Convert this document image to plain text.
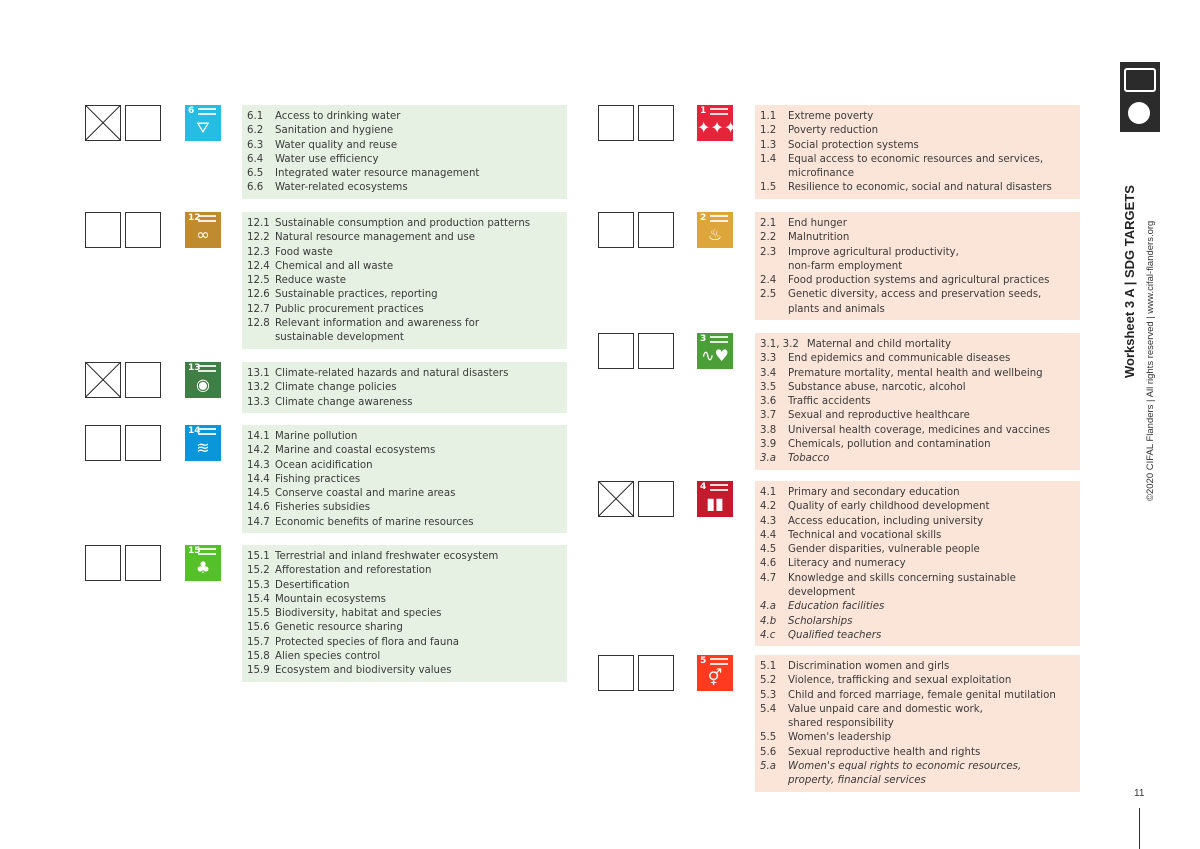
6
⛛
6.1	Access to drinking water
6.2	Sanitation and hygiene
6.3	Water quality and reuse
6.4	Water use efficiency
6.5	Integrated water resource management
6.6	Water-related ecosystems
12
∞
12.1 Sustainable consumption and production patterns
12.2 Natural resource management and use
12.3 Food waste
12.4 Chemical and all waste
12.5 Reduce waste
12.6 Sustainable practices, reporting
12.7 Public procurement practices
12.8 Relevant information and awareness for
sustainable development
13
◉
13.1 Climate-related hazards and natural disasters
13.2 Climate change policies
13.3 Climate change awareness
14
≋
14.1 Marine pollution
14.2 Marine and coastal ecosystems
14.3 Ocean acidification
14.4 Fishing practices
14.5 Conserve coastal and marine areas
14.6 Fisheries subsidies
14.7 Economic benefits of marine resources
15
♣
15.1 Terrestrial and inland freshwater ecosystem
15.2 Afforestation and reforestation
15.3 Desertification
15.4 Mountain ecosystems
15.5 Biodiversity, habitat and species
15.6 Genetic resource sharing
15.7 Protected species of flora and fauna
15.8 Alien species control
15.9 Ecosystem and biodiversity values
1
✦✦✦
1.1	Extreme poverty
1.2	Poverty reduction
1.3	Social protection systems
1.4	Equal access to economic resources and services,
microfinance
1.5	Resilience to economic, social and natural disasters
2
♨
2.1	End hunger
2.2	Malnutrition
2.3	Improve agricultural productivity,
non-farm employment
2.4	Food production systems and agricultural practices
2.5	Genetic diversity, access and preservation seeds,
plants and animals
3
∿♥
3.1, 3.2 Maternal and child mortality
3.3	End epidemics and communicable diseases
3.4	Premature mortality, mental health and wellbeing
3.5	Substance abuse, narcotic, alcohol
3.6	Traffic accidents
3.7	Sexual and reproductive healthcare
3.8	Universal health coverage, medicines and vaccines
3.9	Chemicals, pollution and contamination
3.a	Tobacco
4
▮▮
4.1	Primary and secondary education
4.2	Quality of early childhood development
4.3	Access education, including university
4.4	Technical and vocational skills
4.5	Gender disparities, vulnerable people
4.6	Literacy and numeracy
4.7	Knowledge and skills concerning sustainable
development
4.a	Education facilities
4.b	Scholarships
4.c	Qualified teachers
5
⚥
5.1	Discrimination women and girls
5.2	Violence, trafficking and sexual exploitation
5.3	Child and forced marriage, female genital mutilation
5.4	Value unpaid care and domestic work,
shared responsibility
5.5	Women's leadership
5.6	Sexual reproductive health and rights
5.a	Women's equal rights to economic resources,
property, financial services
Worksheet 3 A | SDG TARGETS ©2020 CIFAL Flanders | All rights reserved | www.cifal-flanders.org
11
